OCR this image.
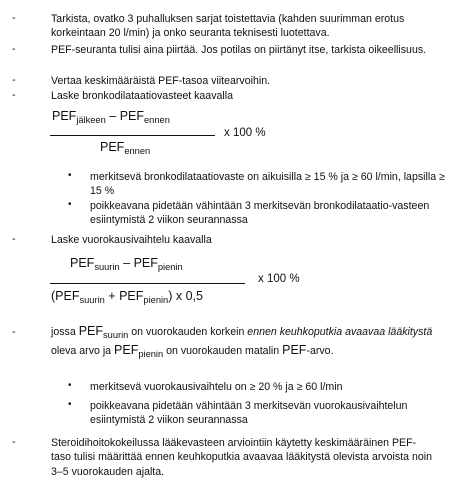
-	Tarkista, ovatko 3 puhalluksen sarjat toistettavia (kahden suurimman erotus korkeintaan 20 l/min) ja onko seuranta teknisesti luotettava.
-	PEF-seuranta tulisi aina piirtää. Jos potilas on piirtänyt itse, tarkista oikeellisuus.
-	Vertaa keskimääräistä PEF-tasoa viitearvoihin.
-	Laske bronkodilataatiovasteet kaavalla
$PEF_{jälkeen} - PEF_{ennen}$
$PEF_{ennen}$
x 100 %
• merkitsevä bronkodilataatiovaste on aikuisilla ≥ 15 % ja ≥ 60 l/min, lapsilla ≥ 15 %
• poikkeavana pidetään vähintään 3 merkitsevän bronkodilataatio-vasteen esiintymistä 2 viikon seurannassa
-	Laske vuorokausivaihtelu kaavalla
$PEF_{suurin} - PEF_{pienin}$
$(PEF_{suurin} + PEF_{pienin})$ x 0,5
x 100 %
-	jossa PEFsuurin on vuorokauden korkein ennen keuhkoputkia avaavaa lääkitystä oleva arvo ja PEFpienin on vuorokauden matalin PEF-arvo.
• merkitsevä vuorokausivaihtelu on ≥ 20 % ja ≥ 60 l/min
• poikkeavana pidetään vähintään 3 merkitsevän vuorokausivaihtelun esiintymistä 2 viikon seurannassa
-	Steroidihoitokokeilussa lääkevasteen arviointiin käytetty keskimääräinen PEF-taso tulisi määrittää ennen keuhkoputkia avaavaa lääkitystä olevista arvoista noin 3–5 vuorokauden ajalta.
